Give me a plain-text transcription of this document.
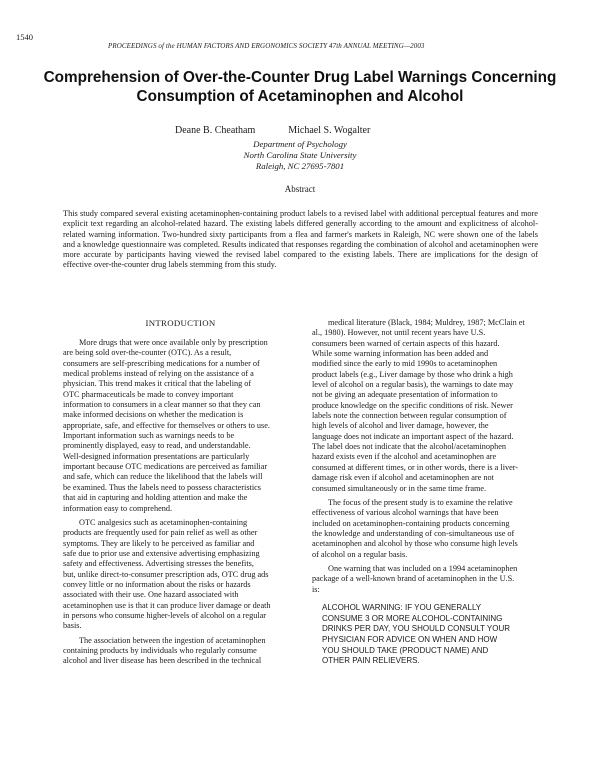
1540
PROCEEDINGS of the HUMAN FACTORS AND ERGONOMICS SOCIETY 47th ANNUAL MEETING—2003
Comprehension of Over-the-Counter Drug Label Warnings Concerning
Consumption of Acetaminophen and Alcohol
Deane B. Cheatham	Michael S. Wogalter
Department of Psychology
North Carolina State University
Raleigh, NC 27695-7801
Abstract
This study compared several existing acetaminophen-containing product labels to a revised label with additional perceptual features and more explicit text regarding an alcohol-related hazard. The existing labels differed generally according to the amount and explicitness of alcohol-related warning information. Two-hundred sixty participants from a flea and farmer's markets in Raleigh, NC were shown one of the labels and a knowledge questionnaire was completed. Results indicated that responses regarding the combination of alcohol and acetaminophen were more accurate by participants having viewed the revised label compared to the existing labels. There are implications for the design of effective over-the-counter drug labels stemming from this study.
INTRODUCTION

More drugs that were once available only by prescription
are being sold over-the-counter (OTC). As a result,
consumers are self-prescribing medications for a number of
medical problems instead of relying on the assistance of a
physician. This trend makes it critical that the labeling of
OTC pharmaceuticals be made to convey important
information to consumers in a clear manner so that they can
make informed decisions on whether the medication is
appropriate, safe, and effective for themselves or others to use.
Important information such as warnings needs to be
prominently displayed, easy to read, and understandable.
Well-designed information presentations are particularly
important because OTC medications are perceived as familiar
and safe, which can reduce the likelihood that the labels will
be examined. Thus the labels need to possess characteristics
that aid in capturing and holding attention and make the
information easy to comprehend.

OTC analgesics such as acetaminophen-containing
products are frequently used for pain relief as well as other
symptoms. They are likely to be perceived as familiar and
safe due to prior use and extensive advertising emphasizing
safety and effectiveness. Advertising stresses the benefits,
but, unlike direct-to-consumer prescription ads, OTC drug ads
convey little or no information about the risks or hazards
associated with their use. One hazard associated with
acetaminophen use is that it can produce liver damage or death
in persons who consume higher-levels of alcohol on a regular
basis.

The association between the ingestion of acetaminophen
containing products by individuals who regularly consume
alcohol and liver disease has been described in the technical

medical literature (Black, 1984; Muldrey, 1987; McClain et
al., 1980). However, not until recent years have U.S.
consumers been warned of certain aspects of this hazard.
While some warning information has been added and
modified since the early to mid 1990s to acetaminophen
product labels (e.g., Liver damage by those who drink a high
level of alcohol on a regular basis), the warnings to date may
not be giving an adequate presentation of information to
produce knowledge on the specific conditions of risk. Newer
labels note the connection between regular consumption of
high levels of alcohol and liver damage, however, the
language does not indicate an important aspect of the hazard.
The label does not indicate that the alcohol/acetaminophen
hazard exists even if the alcohol and acetaminophen are
consumed at different times, or in other words, there is a liver-
damage risk even if alcohol and acetaminophen are not
consumed simultaneously or in the same time frame.

The focus of the present study is to examine the relative
effectiveness of various alcohol warnings that have been
included on acetaminophen-containing products concerning
the knowledge and understanding of con-simultaneous use of
acetaminophen and alcohol by those who consume high levels
of alcohol on a regular basis.

One warning that was included on a 1994 acetaminophen
package of a well-known brand of acetaminophen in the U.S.
is:

ALCOHOL WARNING: IF YOU GENERALLY
CONSUME 3 OR MORE ALCOHOL-CONTAINING
DRINKS PER DAY, YOU SHOULD CONSULT YOUR
PHYSICIAN FOR ADVICE ON WHEN AND HOW
YOU SHOULD TAKE (PRODUCT NAME) AND
OTHER PAIN RELIEVERS.
